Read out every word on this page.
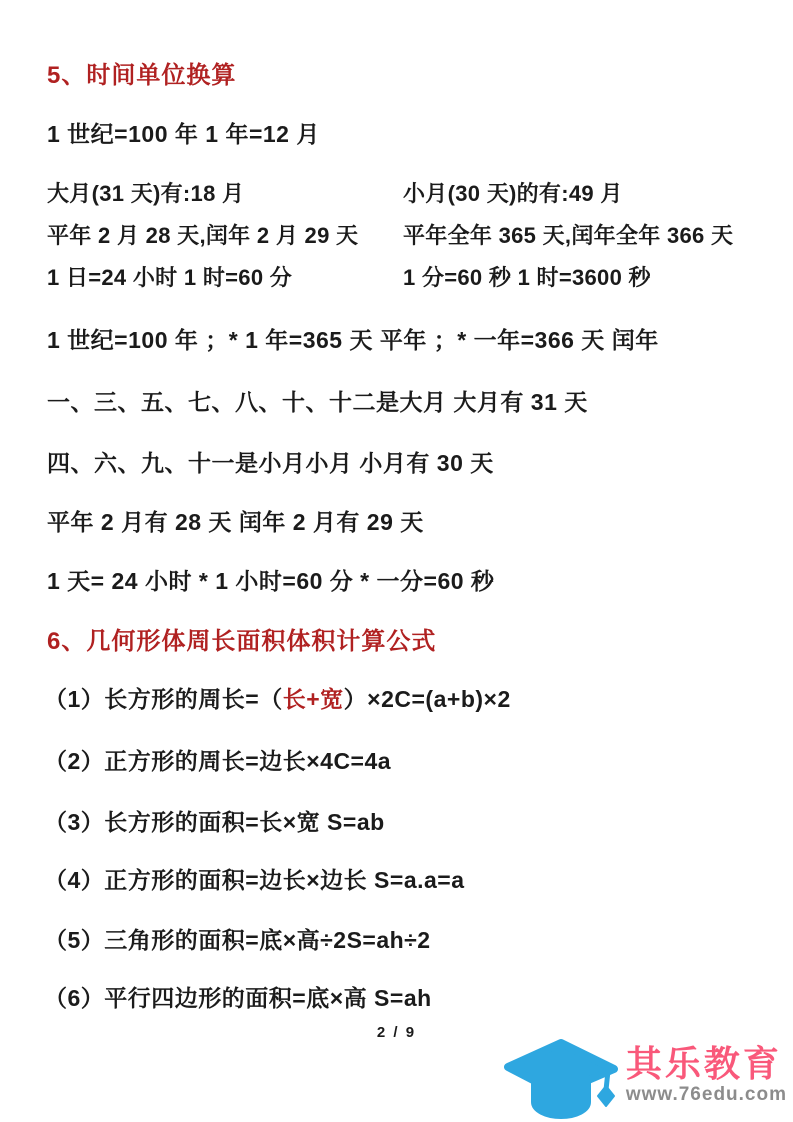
5、时间单位换算
1 世纪=100 年 1 年=12 月
大月(31 天)有:18 月	小月(30 天)的有:49 月
平年 2 月 28 天,闰年 2 月 29 天 平年全年 365 天,闰年全年 366 天
1 日=24 小时 1 时=60 分	1 分=60 秒 1 时=3600 秒
1 世纪=100 年 ；* 1 年=365 天 平年 ；* 一年=366 天 闰年
一、三、五、七、八、十、十二是大月 大月有 31 天
四、六、九、十一是小月小月 小月有 30 天
平年 2 月有 28 天 闰年 2 月有 29 天
1 天= 24 小时 * 1 小时=60 分 * 一分=60 秒
6、几何形体周长面积体积计算公式
（1）长方形的周长=（长+宽）×2C=(a+b)×2
（2）正方形的周长=边长×4C=4a
（3）长方形的面积=长×宽 S=ab
（4）正方形的面积=边长×边长 S=a.a=a
（5）三角形的面积=底×高÷2S=ah÷2
（6）平行四边形的面积=底×高 S=ah
2 / 9
其乐教育
www.76edu.com
